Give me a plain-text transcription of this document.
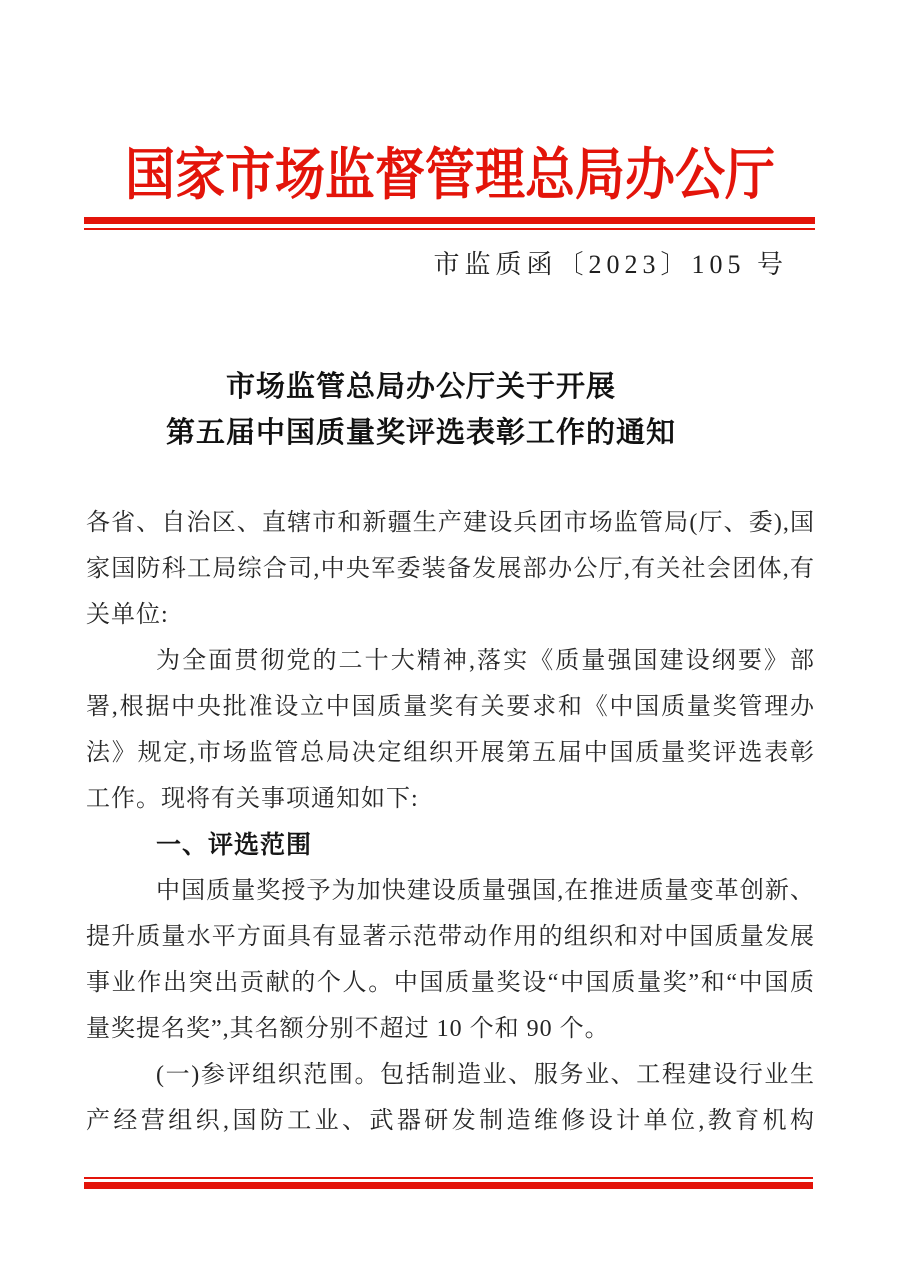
国家市场监督管理总局办公厅
市监质函〔2023〕105 号
市场监管总局办公厅关于开展
第五届中国质量奖评选表彰工作的通知

各省、自治区、直辖市和新疆生产建设兵团市场监管局(厅、委),国家国防科工局综合司,中央军委装备发展部办公厅,有关社会团体,有关单位:

为全面贯彻党的二十大精神,落实《质量强国建设纲要》部署,根据中央批准设立中国质量奖有关要求和《中国质量奖管理办法》规定,市场监管总局决定组织开展第五届中国质量奖评选表彰工作。现将有关事项通知如下:

一、评选范围

中国质量奖授予为加快建设质量强国,在推进质量变革创新、提升质量水平方面具有显著示范带动作用的组织和对中国质量发展事业作出突出贡献的个人。中国质量奖设“中国质量奖”和“中国质量奖提名奖”,其名额分别不超过 10 个和 90 个。

(一)参评组织范围。包括制造业、服务业、工程建设行业生产经营组织,国防工业、武器研发制造维修设计单位,教育机构
